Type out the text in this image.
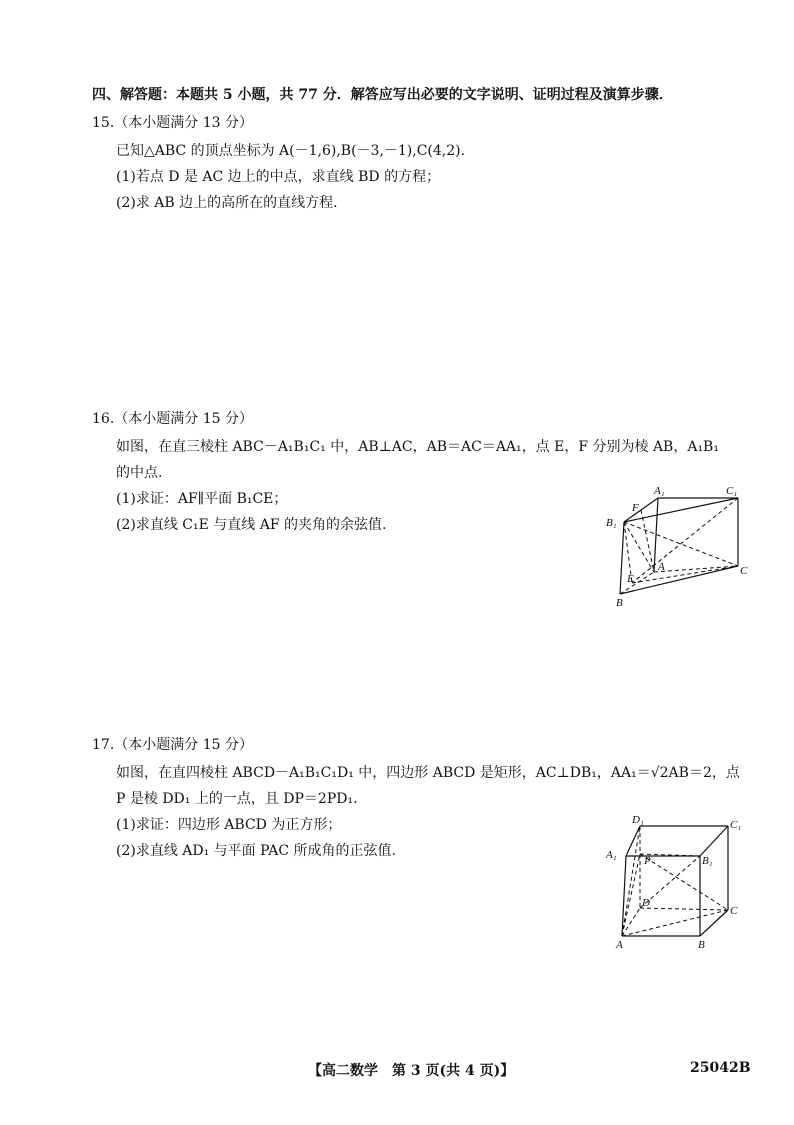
四、解答题：本题共 5 小题，共 77 分．解答应写出必要的文字说明、证明过程及演算步骤．
15.（本小题满分 13 分）
已知△ABC 的顶点坐标为 A(－1,6),B(－3,－1),C(4,2).
(1)若点 D 是 AC 边上的中点，求直线 BD 的方程；
(2)求 AB 边上的高所在的直线方程.
16.（本小题满分 15 分）
如图，在直三棱柱 ABC－A₁B₁C₁ 中，AB⊥AC，AB＝AC＝AA₁，点 E，F 分别为棱 AB，A₁B₁
的中点.
(1)求证：AF∥平面 B₁CE；
(2)求直线 C₁E 与直线 AF 的夹角的余弦值.
A₁	C₁
F
B₁
E
A	C
B
17.（本小题满分 15 分）
如图，在直四棱柱 ABCD－A₁B₁C₁D₁ 中，四边形 ABCD 是矩形，AC⊥DB₁，AA₁＝√2AB＝2，点
P 是棱 DD₁ 上的一点，且 DP＝2PD₁.
(1)求证：四边形 ABCD 为正方形；
(2)求直线 AD₁ 与平面 PAC 所成角的正弦值.
D₁	C₁
A₁	B₁
P
D
C
A	B
【高二数学　第 3 页(共 4 页)】	25042B
